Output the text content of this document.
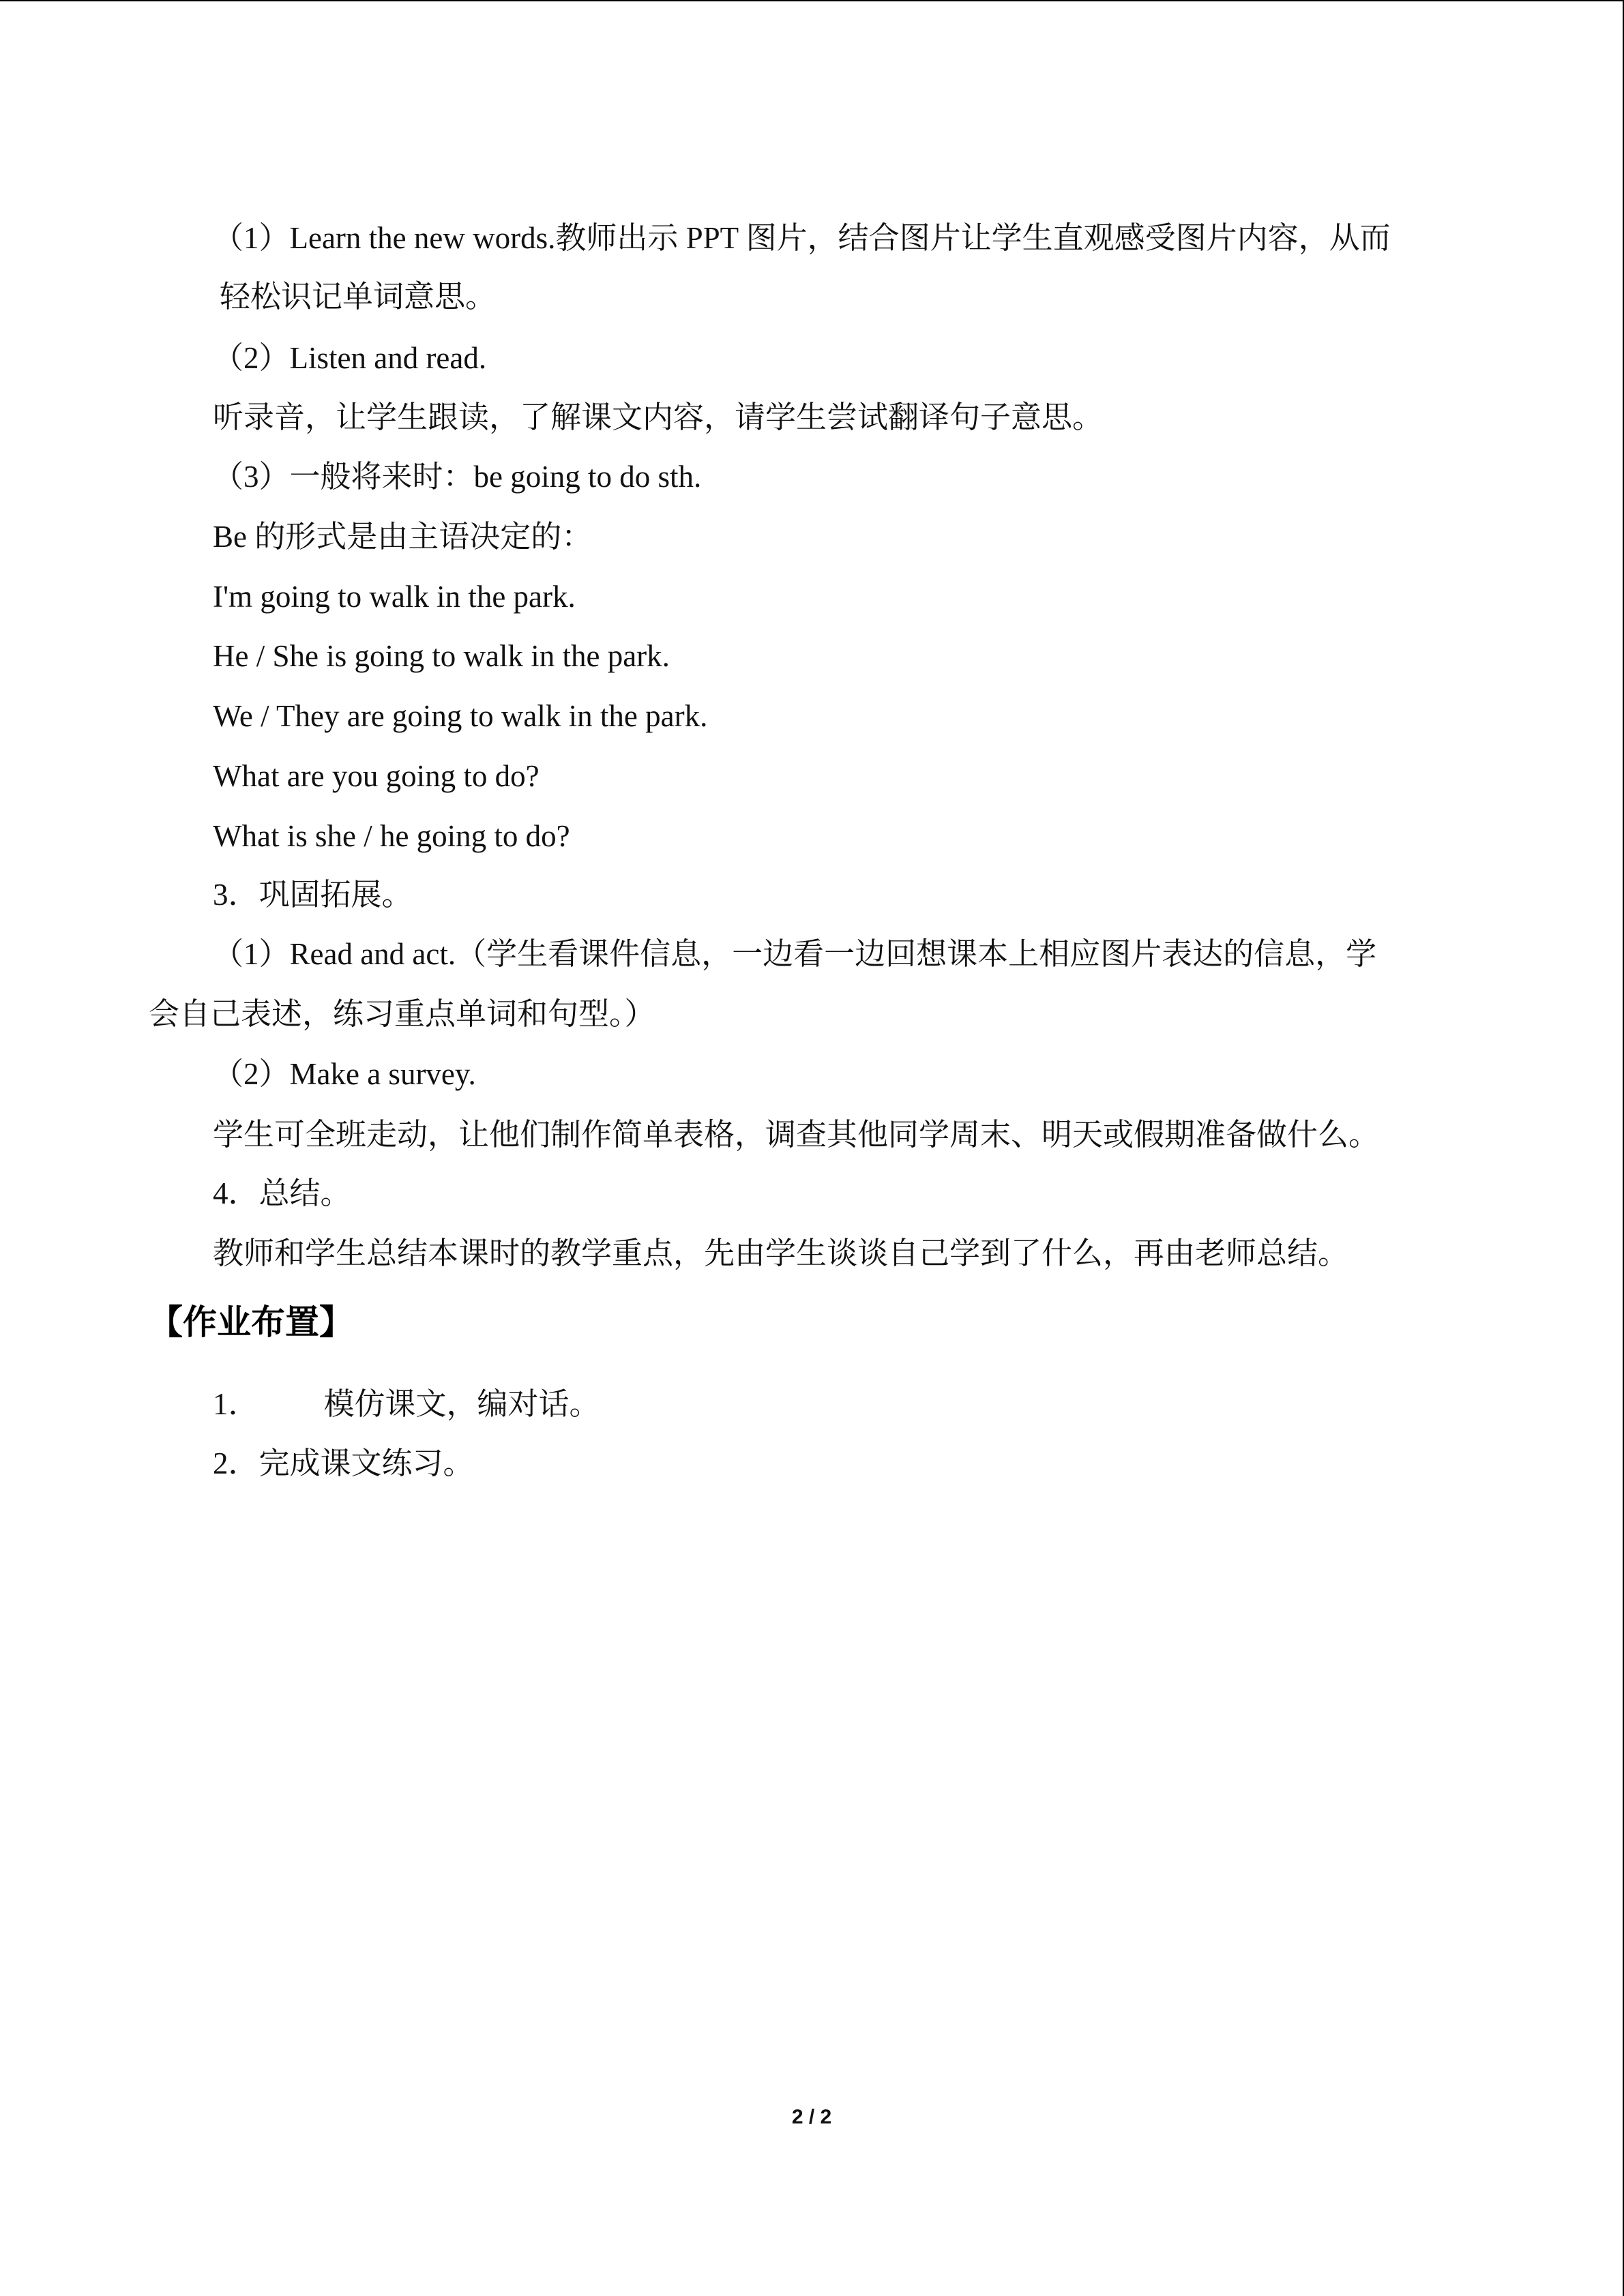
（1）Learn the new words.教师出示 PPT 图片，结合图片让学生直观感受图片内容，从而
轻松识记单词意思。
（2）Listen and read.
听录音，让学生跟读，了解课文内容，请学生尝试翻译句子意思。
（3）一般将来时：be going to do sth.
Be 的形式是由主语决定的：
I'm going to walk in the park.
He / She is going to walk in the park.
We / They are going to walk in the park.
What are you going to do?
What is she / he going to do?
3．巩固拓展。
（1）Read and act.（学生看课件信息，一边看一边回想课本上相应图片表达的信息，学
会自己表述，练习重点单词和句型。）
（2）Make a survey.
学生可全班走动，让他们制作简单表格，调查其他同学周末、明天或假期准备做什么。
4．总结。
教师和学生总结本课时的教学重点，先由学生谈谈自己学到了什么，再由老师总结。
【作业布置】
1． 模仿课文，编对话。
2．完成课文练习。
2 / 2
